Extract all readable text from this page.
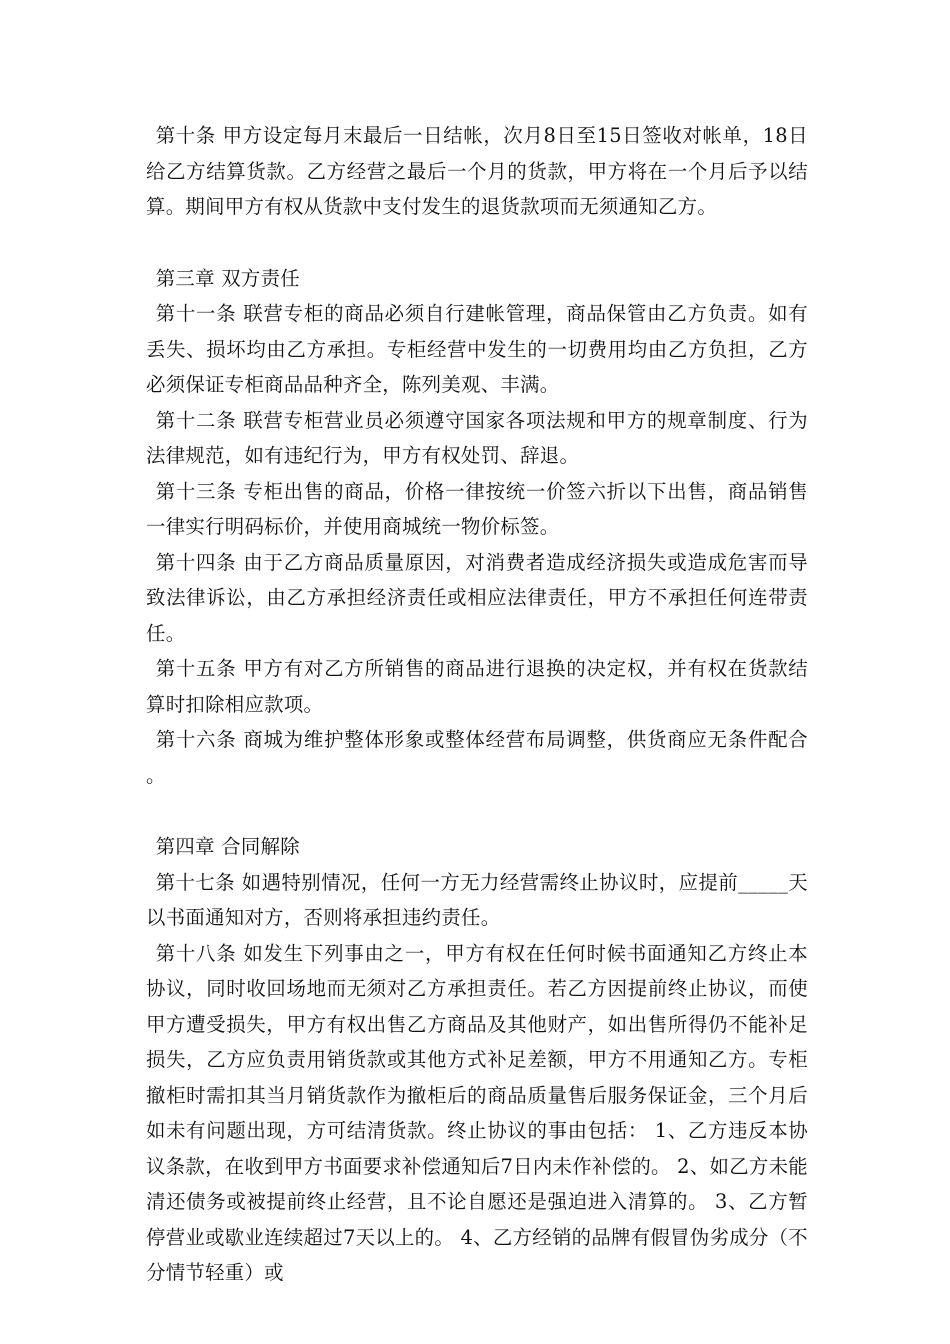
第十条 甲方设定每月末最后一日结帐，次月8日至15日签收对帐单，18日给乙方结算货款。乙方经营之最后一个月的货款，甲方将在一个月后予以结算。期间甲方有权从货款中支付发生的退货款项而无须通知乙方。

第三章 双方责任

第十一条 联营专柜的商品必须自行建帐管理，商品保管由乙方负责。如有丢失、损坏均由乙方承担。专柜经营中发生的一切费用均由乙方负担，乙方必须保证专柜商品品种齐全，陈列美观、丰满。

第十二条 联营专柜营业员必须遵守国家各项法规和甲方的规章制度、行为法律规范，如有违纪行为，甲方有权处罚、辞退。

第十三条 专柜出售的商品，价格一律按统一价签六折以下出售，商品销售一律实行明码标价，并使用商城统一物价标签。

第十四条 由于乙方商品质量原因，对消费者造成经济损失或造成危害而导致法律诉讼，由乙方承担经济责任或相应法律责任，甲方不承担任何连带责任。

第十五条 甲方有对乙方所销售的商品进行退换的决定权，并有权在货款结算时扣除相应款项。

第十六条 商城为维护整体形象或整体经营布局调整，供货商应无条件配合。

第四章 合同解除

第十七条 如遇特别情况，任何一方无力经营需终止协议时，应提前_____天以书面通知对方，否则将承担违约责任。

第十八条 如发生下列事由之一，甲方有权在任何时候书面通知乙方终止本协议，同时收回场地而无须对乙方承担责任。若乙方因提前终止协议，而使甲方遭受损失，甲方有权出售乙方商品及其他财产，如出售所得仍不能补足损失，乙方应负责用销货款或其他方式补足差额，甲方不用通知乙方。专柜撤柜时需扣其当月销货款作为撤柜后的商品质量售后服务保证金，三个月后如未有问题出现，方可结清货款。终止协议的事由包括： 1、乙方违反本协议条款，在收到甲方书面要求补偿通知后7日内未作补偿的。 2、如乙方未能清还债务或被提前终止经营，且不论自愿还是强迫进入清算的。 3、乙方暂停营业或歇业连续超过7天以上的。 4、乙方经销的品牌有假冒伪劣成分（不分情节轻重）或
